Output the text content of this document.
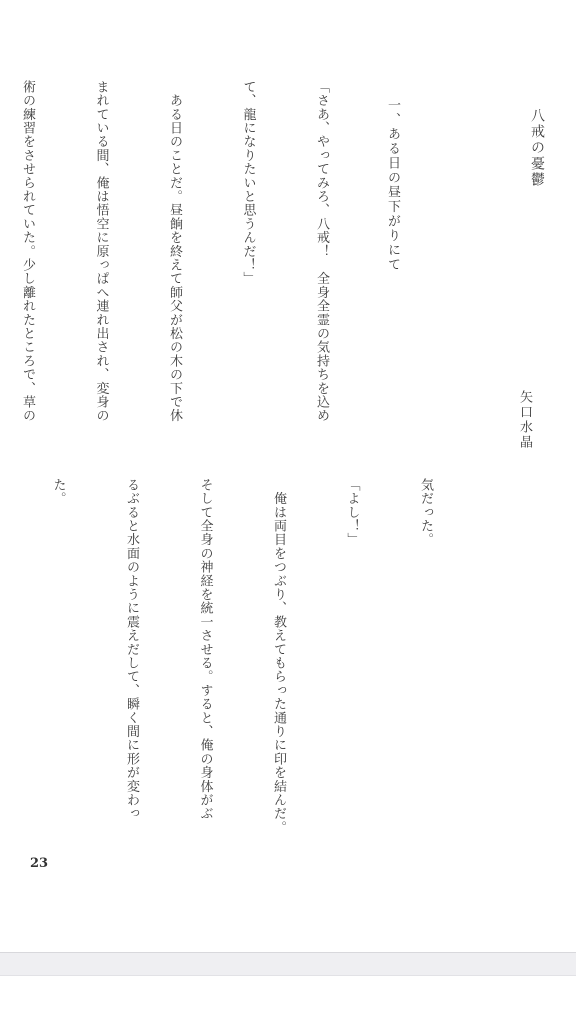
八戒の憂鬱
一、ある日の昼下がりにて
矢口水晶

「さあ、やってみろ、八戒！　全身全霊の気持ちを込め

て、龍になりたいと思うんだ！」

　ある日のことだ。昼餉を終えて師父が松の木の下で休

まれている間、俺は悟空に原っぱへ連れ出され、変身の

術の練習をさせられていた。少し離れたところで、草の

気だった。

「よし！」

　俺は両目をつぶり、教えてもらった通りに印を結んだ。

そして全身の神経を統一させる。すると、俺の身体がぶ

るぶると水面のように震えだして、瞬く間に形が変わっ

た。

23
